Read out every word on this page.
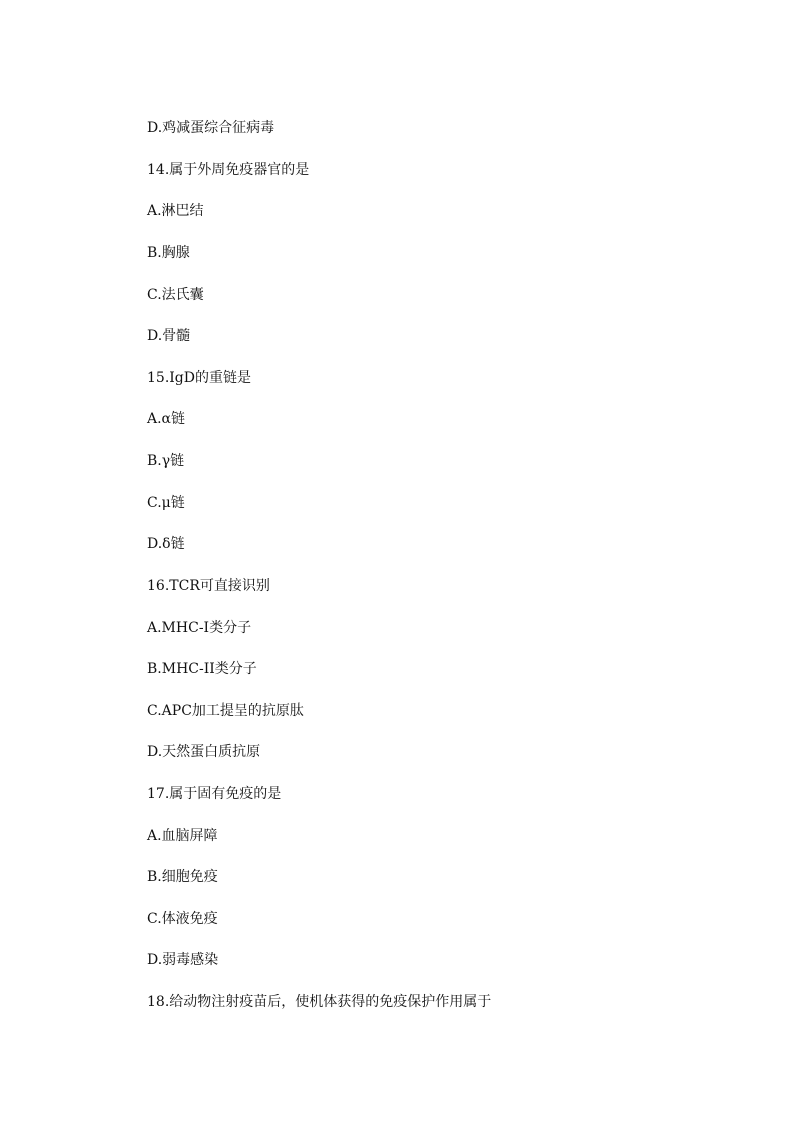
D.鸡减蛋综合征病毒
14.属于外周免疫器官的是
A.淋巴结
B.胸腺
C.法氏囊
D.骨髓
15.IgD的重链是
A.α链
B.γ链
C.μ链
D.δ链
16.TCR可直接识别
A.MHC-I类分子
B.MHC-II类分子
C.APC加工提呈的抗原肽
D.天然蛋白质抗原
17.属于固有免疫的是
A.血脑屏障
B.细胞免疫
C.体液免疫
D.弱毒感染
18.给动物注射疫苗后，使机体获得的免疫保护作用属于
